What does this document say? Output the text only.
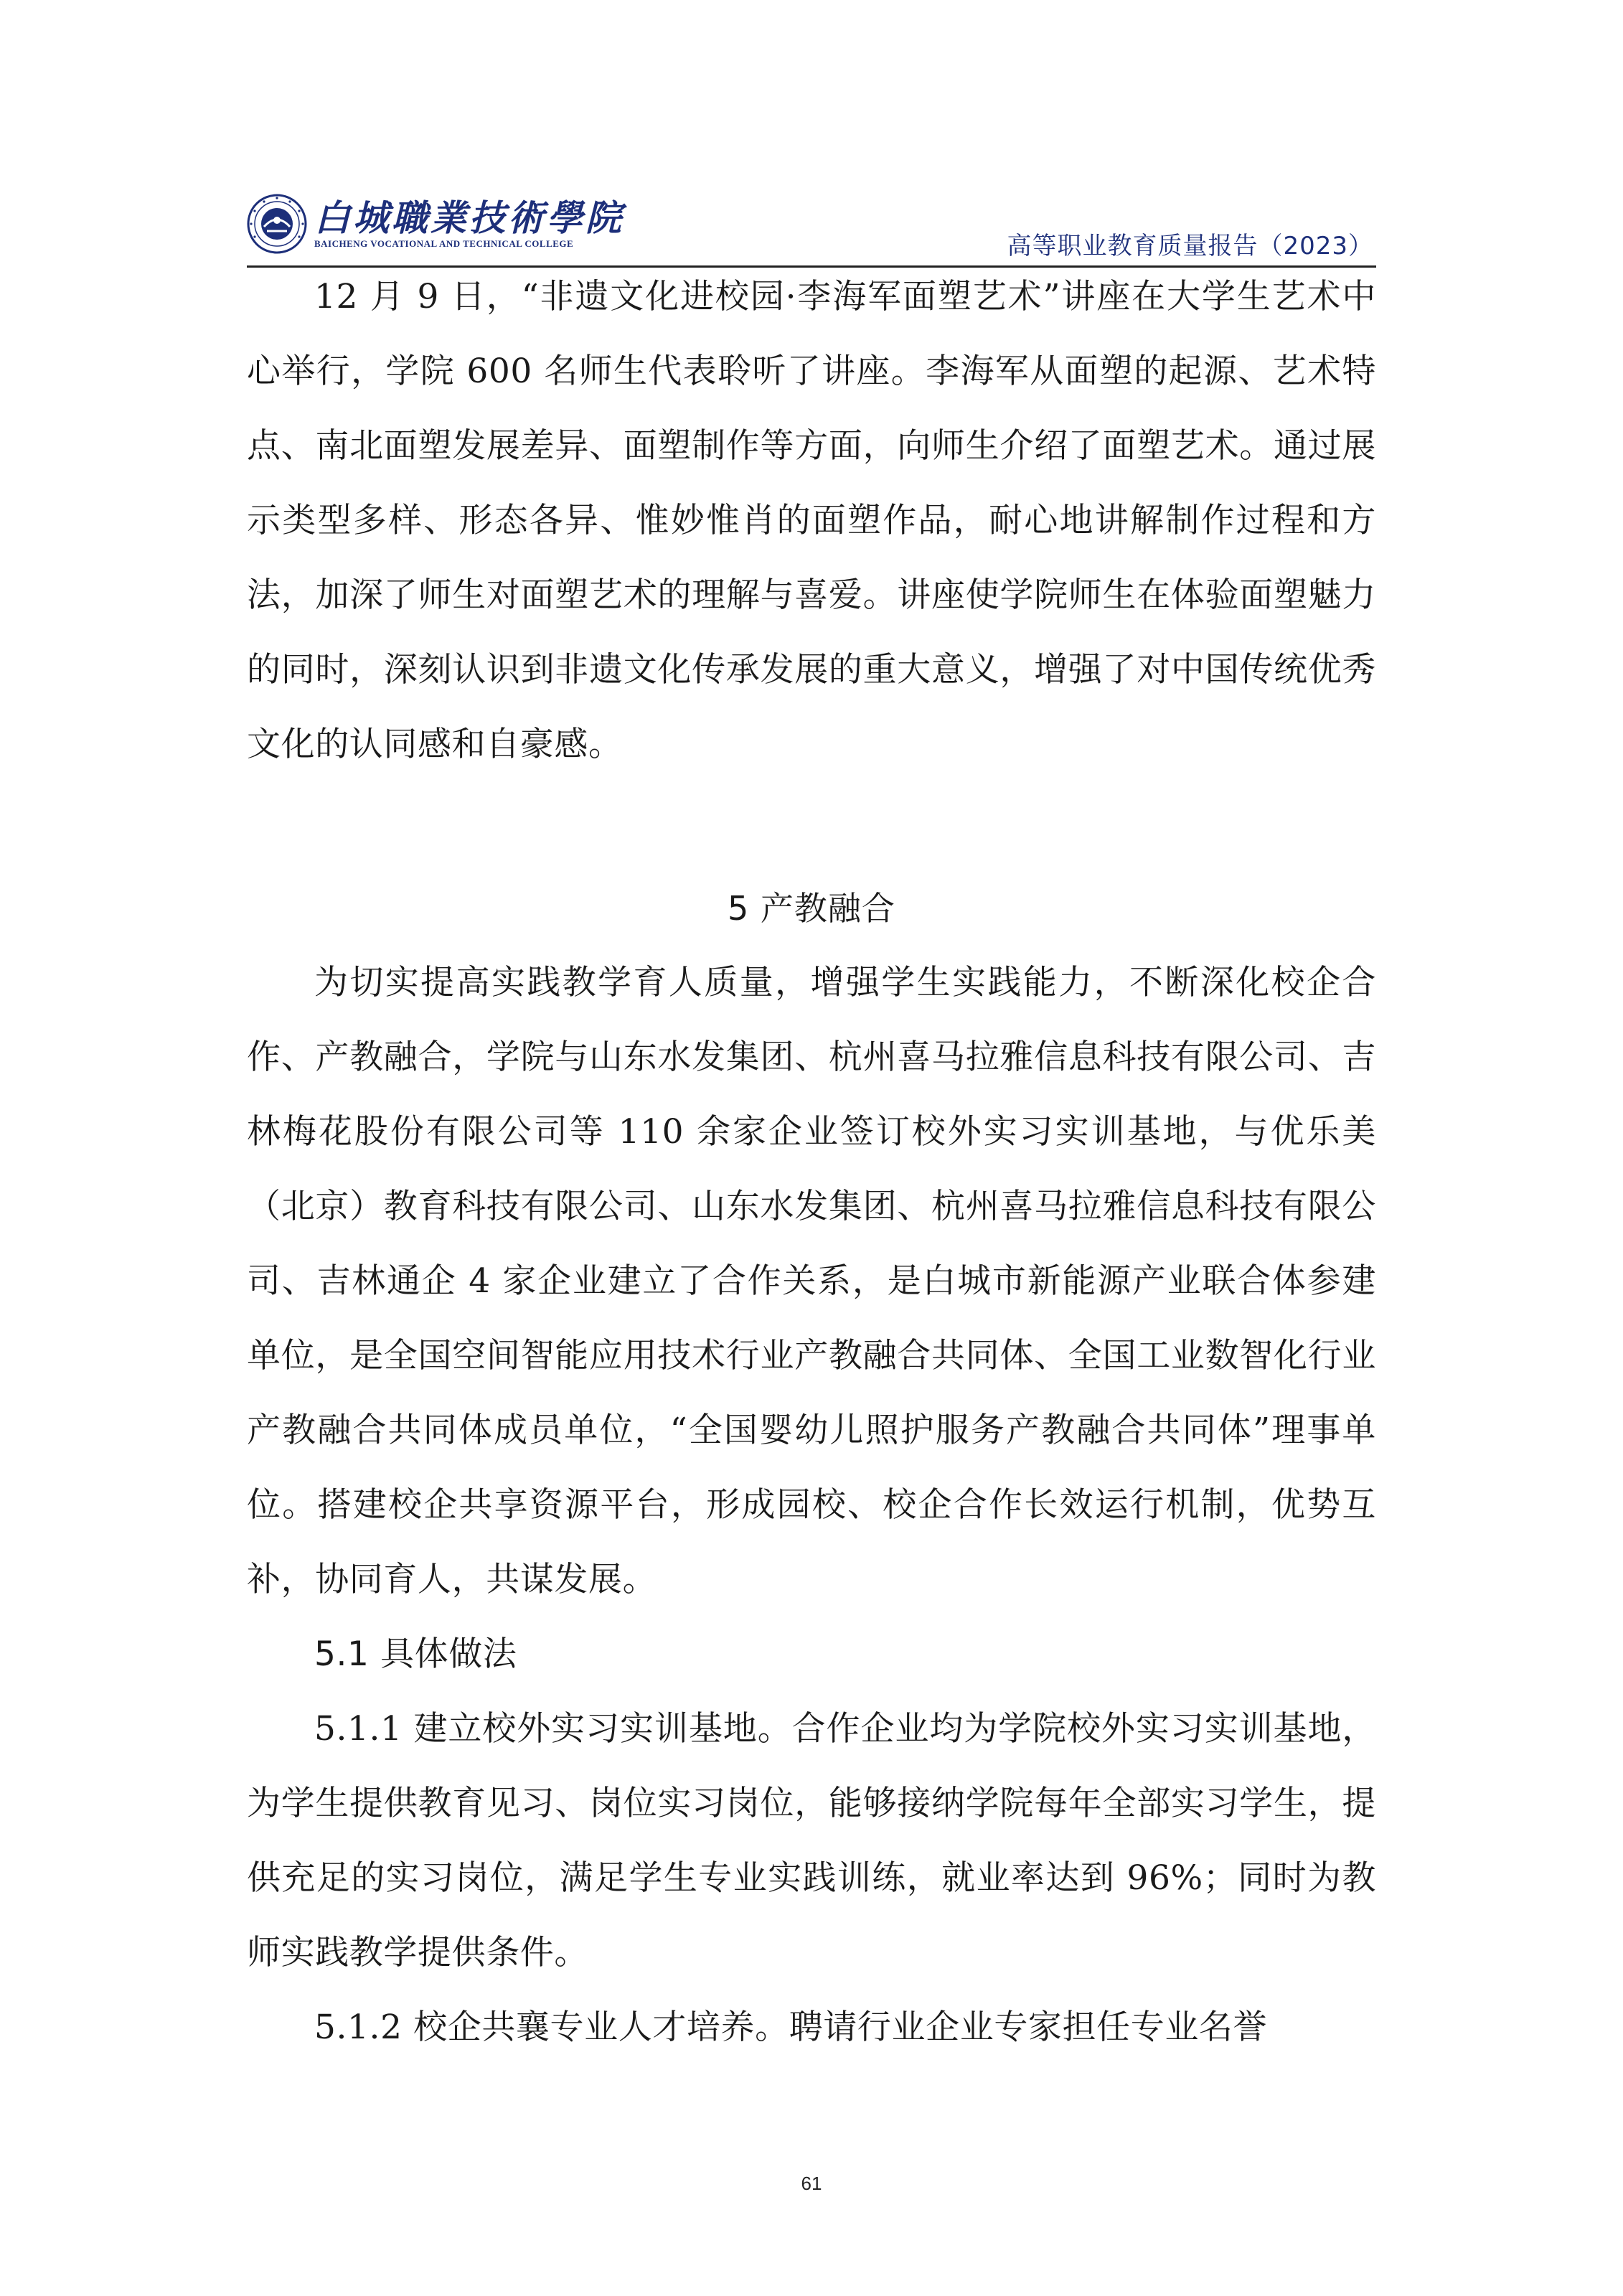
白城職業技術學院
BAICHENG VOCATIONAL AND TECHNICAL COLLEGE	高等职业教育质量报告（2023）

12 月 9 日，“非遗文化进校园·李海军面塑艺术”讲座在大学生艺术中心举行，学院 600 名师生代表聆听了讲座。李海军从面塑的起源、艺术特点、南北面塑发展差异、面塑制作等方面，向师生介绍了面塑艺术。通过展示类型多样、形态各异、惟妙惟肖的面塑作品，耐心地讲解制作过程和方法，加深了师生对面塑艺术的理解与喜爱。讲座使学院师生在体验面塑魅力的同时，深刻认识到非遗文化传承发展的重大意义，增强了对中国传统优秀文化的认同感和自豪感。

5 产教融合

为切实提高实践教学育人质量，增强学生实践能力，不断深化校企合作、产教融合，学院与山东水发集团、杭州喜马拉雅信息科技有限公司、吉林梅花股份有限公司等 110 余家企业签订校外实习实训基地，与优乐美（北京）教育科技有限公司、山东水发集团、杭州喜马拉雅信息科技有限公司、吉林通企 4 家企业建立了合作关系，是白城市新能源产业联合体参建单位，是全国空间智能应用技术行业产教融合共同体、全国工业数智化行业产教融合共同体成员单位，“全国婴幼儿照护服务产教融合共同体”理事单位。搭建校企共享资源平台，形成园校、校企合作长效运行机制，优势互补，协同育人，共谋发展。

5.1 具体做法

5.1.1 建立校外实习实训基地。合作企业均为学院校外实习实训基地，为学生提供教育见习、岗位实习岗位，能够接纳学院每年全部实习学生，提供充足的实习岗位，满足学生专业实践训练，就业率达到 96%；同时为教师实践教学提供条件。

5.1.2 校企共襄专业人才培养。聘请行业企业专家担任专业名誉

61
